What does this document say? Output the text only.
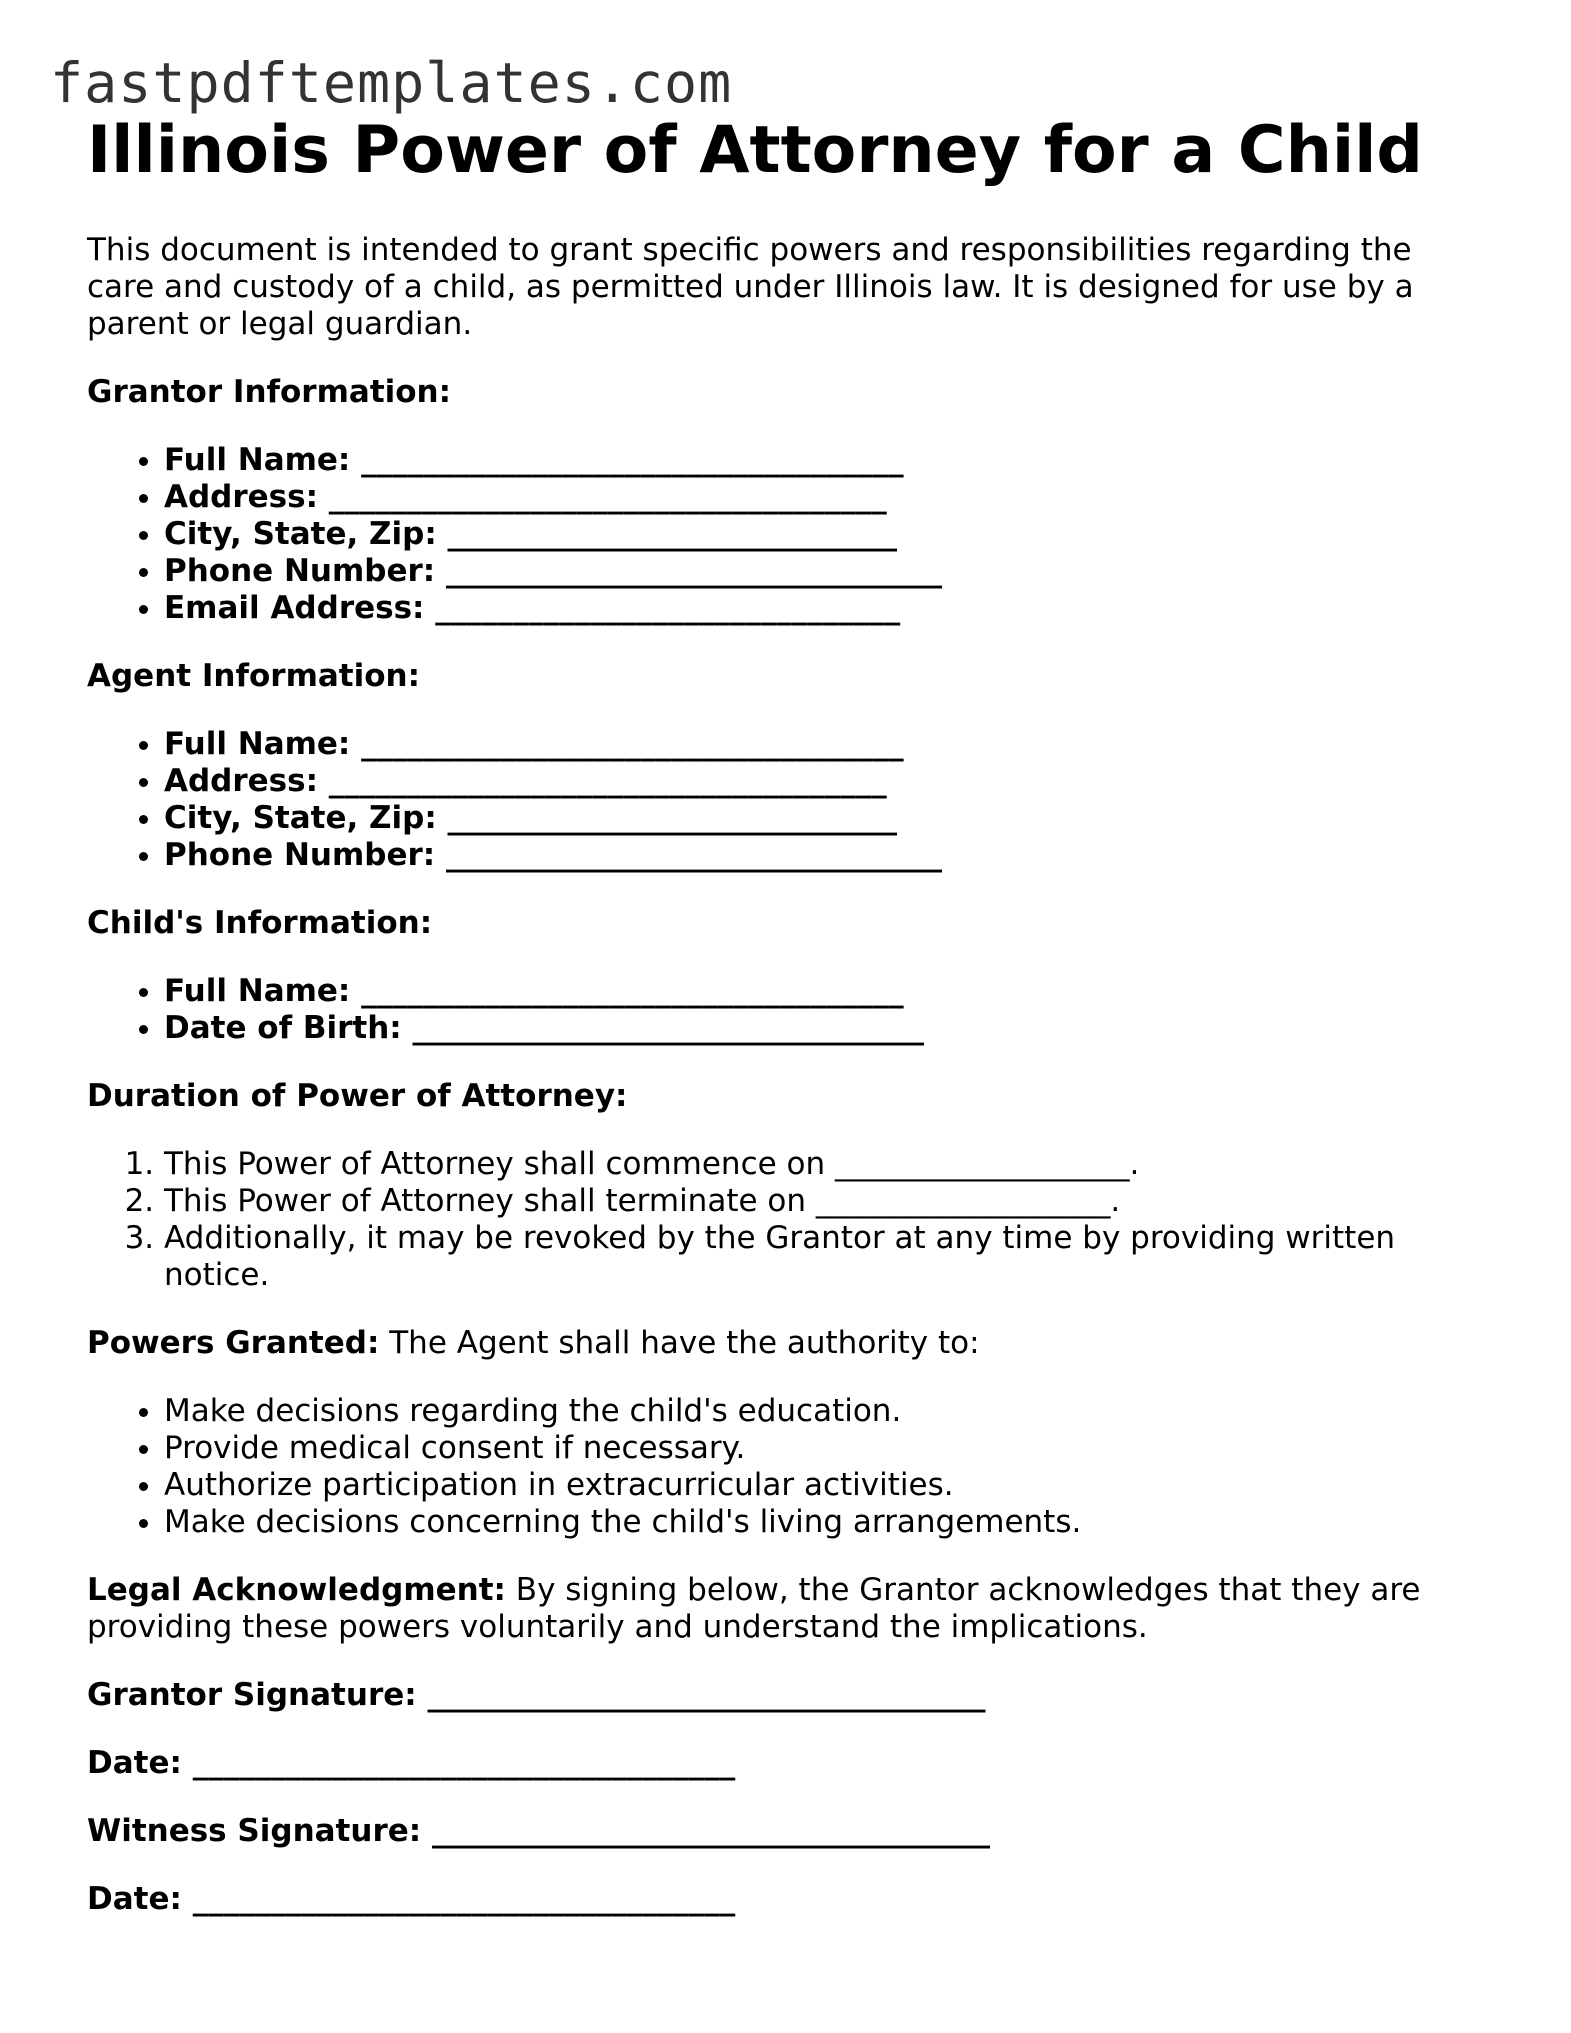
fastpdftemplates.com
Illinois Power of Attorney for a Child

This document is intended to grant specific powers and responsibilities regarding the care and custody of a child, as permitted under Illinois law. It is designed for use by a parent or legal guardian.

Grantor Information:

• Full Name: ___________________________________
• Address: ____________________________________
• City, State, Zip: _____________________________
• Phone Number: ________________________________
• Email Address: ______________________________

Agent Information:

• Full Name: ___________________________________
• Address: ____________________________________
• City, State, Zip: _____________________________
• Phone Number: ________________________________

Child's Information:

• Full Name: ___________________________________
• Date of Birth: _________________________________

Duration of Power of Attorney:

1. This Power of Attorney shall commence on ___________________.
2. This Power of Attorney shall terminate on ___________________.
3. Additionally, it may be revoked by the Grantor at any time by providing written notice.

Powers Granted: The Agent shall have the authority to:

• Make decisions regarding the child's education.
• Provide medical consent if necessary.
• Authorize participation in extracurricular activities.
• Make decisions concerning the child's living arrangements.

Legal Acknowledgment: By signing below, the Grantor acknowledges that they are providing these powers voluntarily and understand the implications.

Grantor Signature: ____________________________________

Date: ___________________________________

Witness Signature: ____________________________________

Date: ___________________________________
